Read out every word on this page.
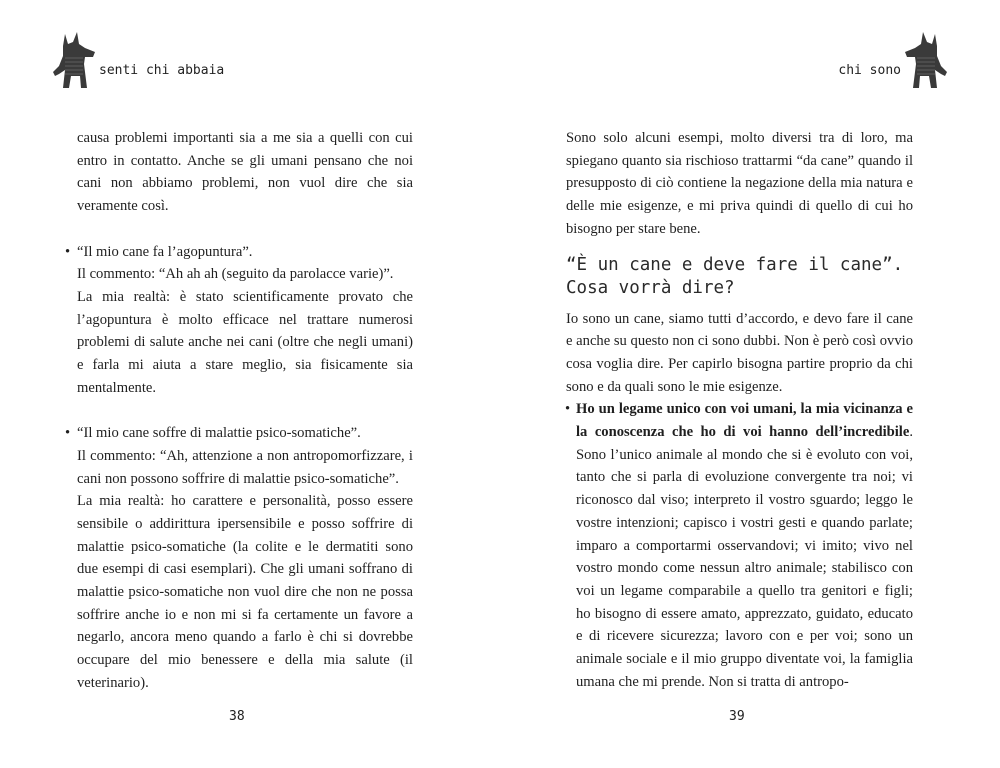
senti chi abbaia

causa problemi importanti sia a me sia a quelli con cui entro in contatto. Anche se gli umani pensano che noi cani non abbiamo problemi, non vuol dire che sia veramente così.

• “Il mio cane fa l’agopuntura”.

Il commento: “Ah ah ah (seguito da parolacce varie)”.

La mia realtà: è stato scientificamente provato che l’agopuntura è molto efficace nel trattare numerosi problemi di salute anche nei cani (oltre che negli umani) e farla mi aiuta a stare meglio, sia fisicamente sia mentalmente.

• “Il mio cane soffre di malattie psico-somatiche”.

Il commento: “Ah, attenzione a non antropomorfizzare, i cani non possono soffrire di malattie psico-somatiche”.

La mia realtà: ho carattere e personalità, posso essere sensibile o addirittura ipersensibile e posso soffrire di malattie psico-somatiche (la colite e le dermatiti sono due esempi di casi esemplari). Che gli umani soffrano di malattie psico-somatiche non vuol dire che non ne possa soffrire anche io e non mi si fa certamente un favore a negarlo, ancora meno quando a farlo è chi si dovrebbe occupare del mio benessere e della mia salute (il veterinario).

38
chi sono

Sono solo alcuni esempi, molto diversi tra di loro, ma spiegano quanto sia rischioso trattarmi “da cane” quando il presupposto di ciò contiene la negazione della mia natura e delle mie esigenze, e mi priva quindi di quello di cui ho bisogno per stare bene.

“È un cane e deve fare il cane”. Cosa vorrà dire?

Io sono un cane, siamo tutti d’accordo, e devo fare il cane e anche su questo non ci sono dubbi. Non è però così ovvio cosa voglia dire. Per capirlo bisogna partire proprio da chi sono e da quali sono le mie esigenze.

• Ho un legame unico con voi umani, la mia vicinanza e la conoscenza che ho di voi hanno dell’incredibile. Sono l’unico animale al mondo che si è evoluto con voi, tanto che si parla di evoluzione convergente tra noi; vi riconosco dal viso; interpreto il vostro sguardo; leggo le vostre intenzioni; capisco i vostri gesti e quando parlate; imparo a comportarmi osservandovi; vi imito; vivo nel vostro mondo come nessun altro animale; stabilisco con voi un legame comparabile a quello tra genitori e figli; ho bisogno di essere amato, apprezzato, guidato, educato e di ricevere sicurezza; lavoro con e per voi; sono un animale sociale e il mio gruppo diventate voi, la famiglia umana che mi prende. Non si tratta di antropo-

39
